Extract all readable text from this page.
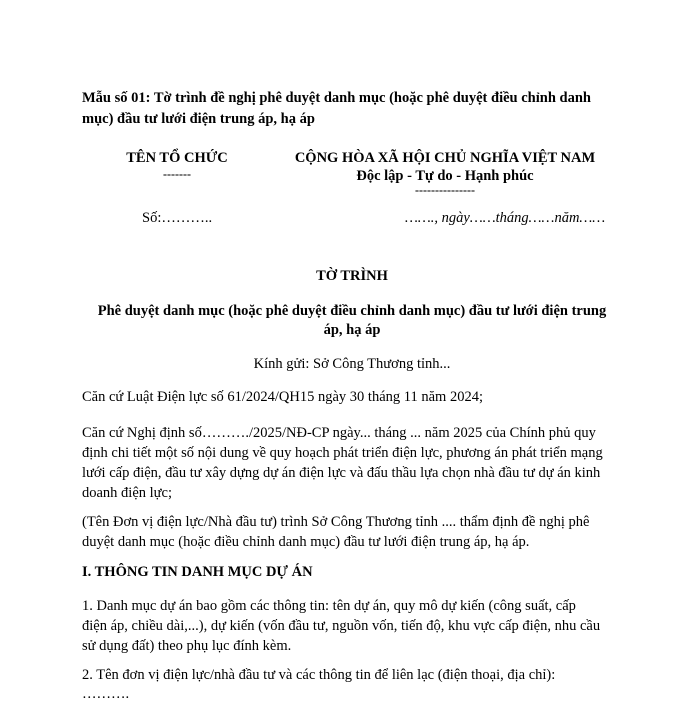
Mẫu số 01: Tờ trình đề nghị phê duyệt danh mục (hoặc phê duyệt điều chỉnh danh
mục) đầu tư lưới điện trung áp, hạ áp
TÊN TỔ CHỨC
-------
CỘNG HÒA XÃ HỘI CHỦ NGHĨA VIỆT NAM
Độc lập - Tự do - Hạnh phúc
---------------
Số:………..	……., ngày……tháng……năm……
TỜ TRÌNH
Phê duyệt danh mục (hoặc phê duyệt điều chỉnh danh mục) đầu tư lưới điện trung
áp, hạ áp
Kính gửi: Sở Công Thương tỉnh...
Căn cứ Luật Điện lực số 61/2024/QH15 ngày 30 tháng 11 năm 2024;
Căn cứ Nghị định số………./2025/NĐ-CP ngày... tháng ... năm 2025 của Chính phủ quy
định chi tiết một số nội dung về quy hoạch phát triển điện lực, phương án phát triển mạng
lưới cấp điện, đầu tư xây dựng dự án điện lực và đấu thầu lựa chọn nhà đầu tư dự án kinh
doanh điện lực;
(Tên Đơn vị điện lực/Nhà đầu tư) trình Sở Công Thương tỉnh .... thẩm định đề nghị phê
duyệt danh mục (hoặc điều chỉnh danh mục) đầu tư lưới điện trung áp, hạ áp.
I. THÔNG TIN DANH MỤC DỰ ÁN
1. Danh mục dự án bao gồm các thông tin: tên dự án, quy mô dự kiến (công suất, cấp
điện áp, chiều dài,...), dự kiến (vốn đầu tư, nguồn vốn, tiến độ, khu vực cấp điện, nhu cầu
sử dụng đất) theo phụ lục đính kèm.
2. Tên đơn vị điện lực/nhà đầu tư và các thông tin để liên lạc (điện thoại, địa chỉ):
……….
